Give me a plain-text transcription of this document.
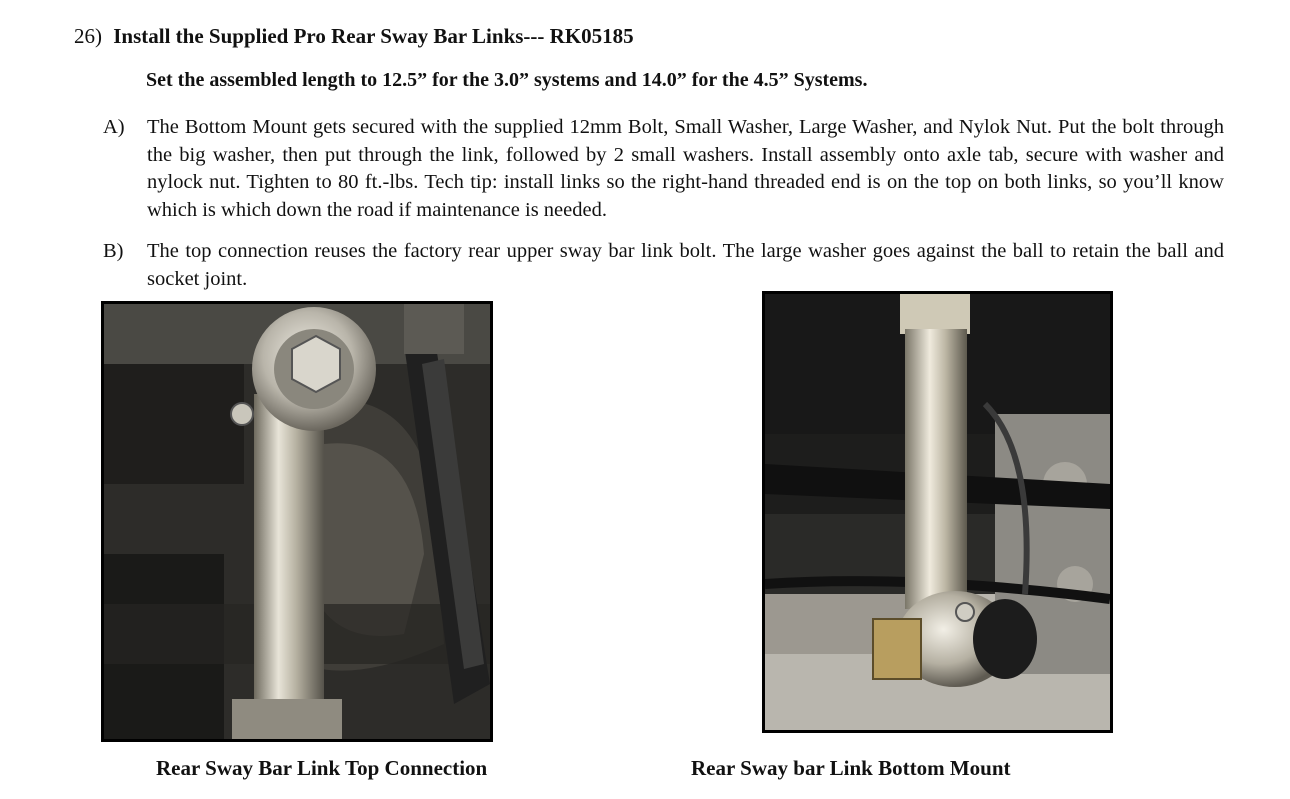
26) Install the Supplied Pro Rear Sway Bar Links--- RK05185
Set the assembled length to 12.5” for the 3.0” systems and 14.0” for the 4.5” Systems.
A) The Bottom Mount gets secured with the supplied 12mm Bolt, Small Washer, Large Washer, and Nylok Nut. Put the bolt through the big washer, then put through the link, followed by 2 small washers. Install assembly onto axle tab, secure with washer and nylock nut. Tighten to 80 ft.-lbs. Tech tip: install links so the right-hand threaded end is on the top on both links, so you’ll know which is which down the road if maintenance is needed.
B) The top connection reuses the factory rear upper sway bar link bolt. The large washer goes against the ball to retain the ball and socket joint.
Rear Sway Bar Link Top Connection	Rear Sway bar Link Bottom Mount
